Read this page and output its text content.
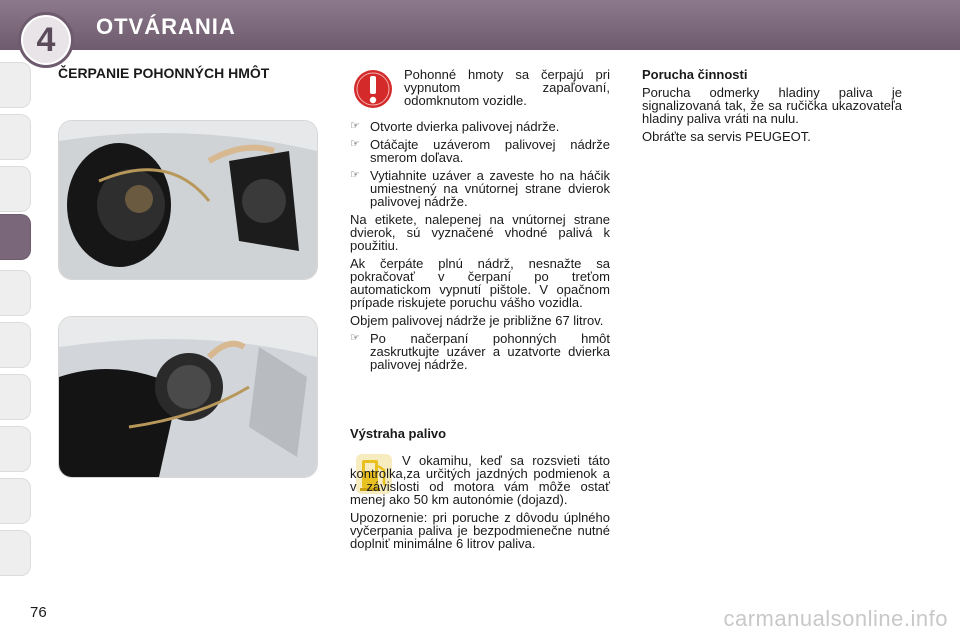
4	OTVÁRANIA
ČERPANIE POHONNÝCH HMÔT	Pohonné hmoty sa čerpajú pri vypnutom zapaľovaní, odomknutom vozidle.

☞ Otvorte dvierka palivovej nádrže.
☞ Otáčajte uzáverom palivovej nádrže smerom doľava.
☞ Vytiahnite uzáver a zaveste ho na háčik umiestnený na vnútornej strane dvierok palivovej nádrže.

Na etikete, nalepenej na vnútornej strane dvierok, sú vyznačené vhodné palivá k použitiu.

Ak čerpáte plnú nádrž, nesnažte sa pokračovať v čerpaní po treťom automatickom vypnutí pištole. V opačnom prípade riskujete poruchu vášho vozidla.

Objem palivovej nádrže je približne 67 litrov.

☞ Po načerpaní pohonných hmôt zaskrutkujte uzáver a uzatvorte dvierka palivovej nádrže.

Výstraha palivo

V okamihu, keď sa rozsvieti táto kontrolka,za určitých jazdných podmienok a v závislosti od motora vám môže ostať menej ako 50 km autonómie (dojazd).

Upozornenie: pri poruche z dôvodu úplného vyčerpania paliva je bezpodmienečne nutné doplniť minimálne 6 litrov paliva.

Porucha činnosti

Porucha odmerky hladiny paliva je signalizovaná tak, že sa ručička ukazovateľa hladiny paliva vráti na nulu.

Obráťte sa servis PEUGEOT.

76	carmanualsonline.info
